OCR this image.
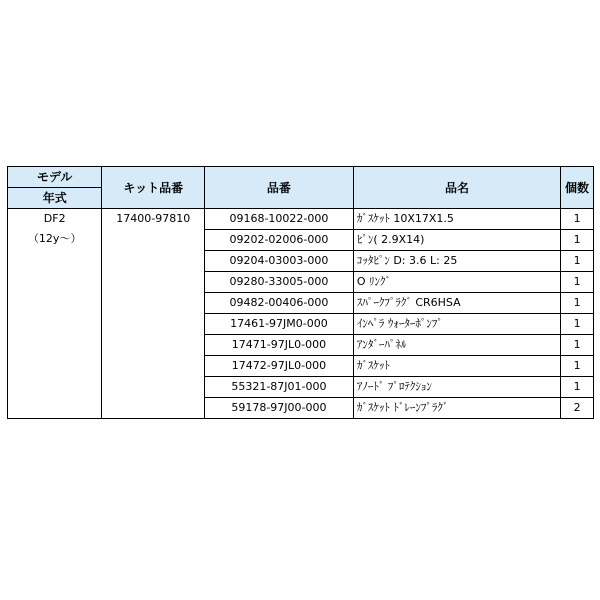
モデル	キット品番	品番	品名	個数
年式				

DF2
（12y～）	17400-97810	09168-10022-000	ｶﾞｽｹｯﾄ 10X17X1.5	1
		09202-02006-000	ﾋﾟﾝ( 2.9X14)	1
		09204-03003-000	ｺｯﾀﾋﾟﾝ D: 3.6 L: 25	1
		09280-33005-000	O ﾘﾝｸﾞ	1
		09482-00406-000	ｽﾊﾟｰｸﾌﾟﾗｸﾞ CR6HSA	1
		17461-97JM0-000	ｲﾝﾍﾟﾗ ｳｫｰﾀｰﾎﾟﾝﾌﾟ	1
		17471-97JL0-000	ｱﾝﾀﾞｰﾊﾟﾈﾙ	1
		17472-97JL0-000	ｶﾞｽｹｯﾄ	1
		55321-87J01-000	ｱﾉｰﾄﾞ ﾌﾟﾛﾃｸｼｮﾝ	1
		59178-97J00-000	ｶﾞｽｹｯﾄ ﾄﾞﾚｰﾝﾌﾟﾗｸﾞ	2
